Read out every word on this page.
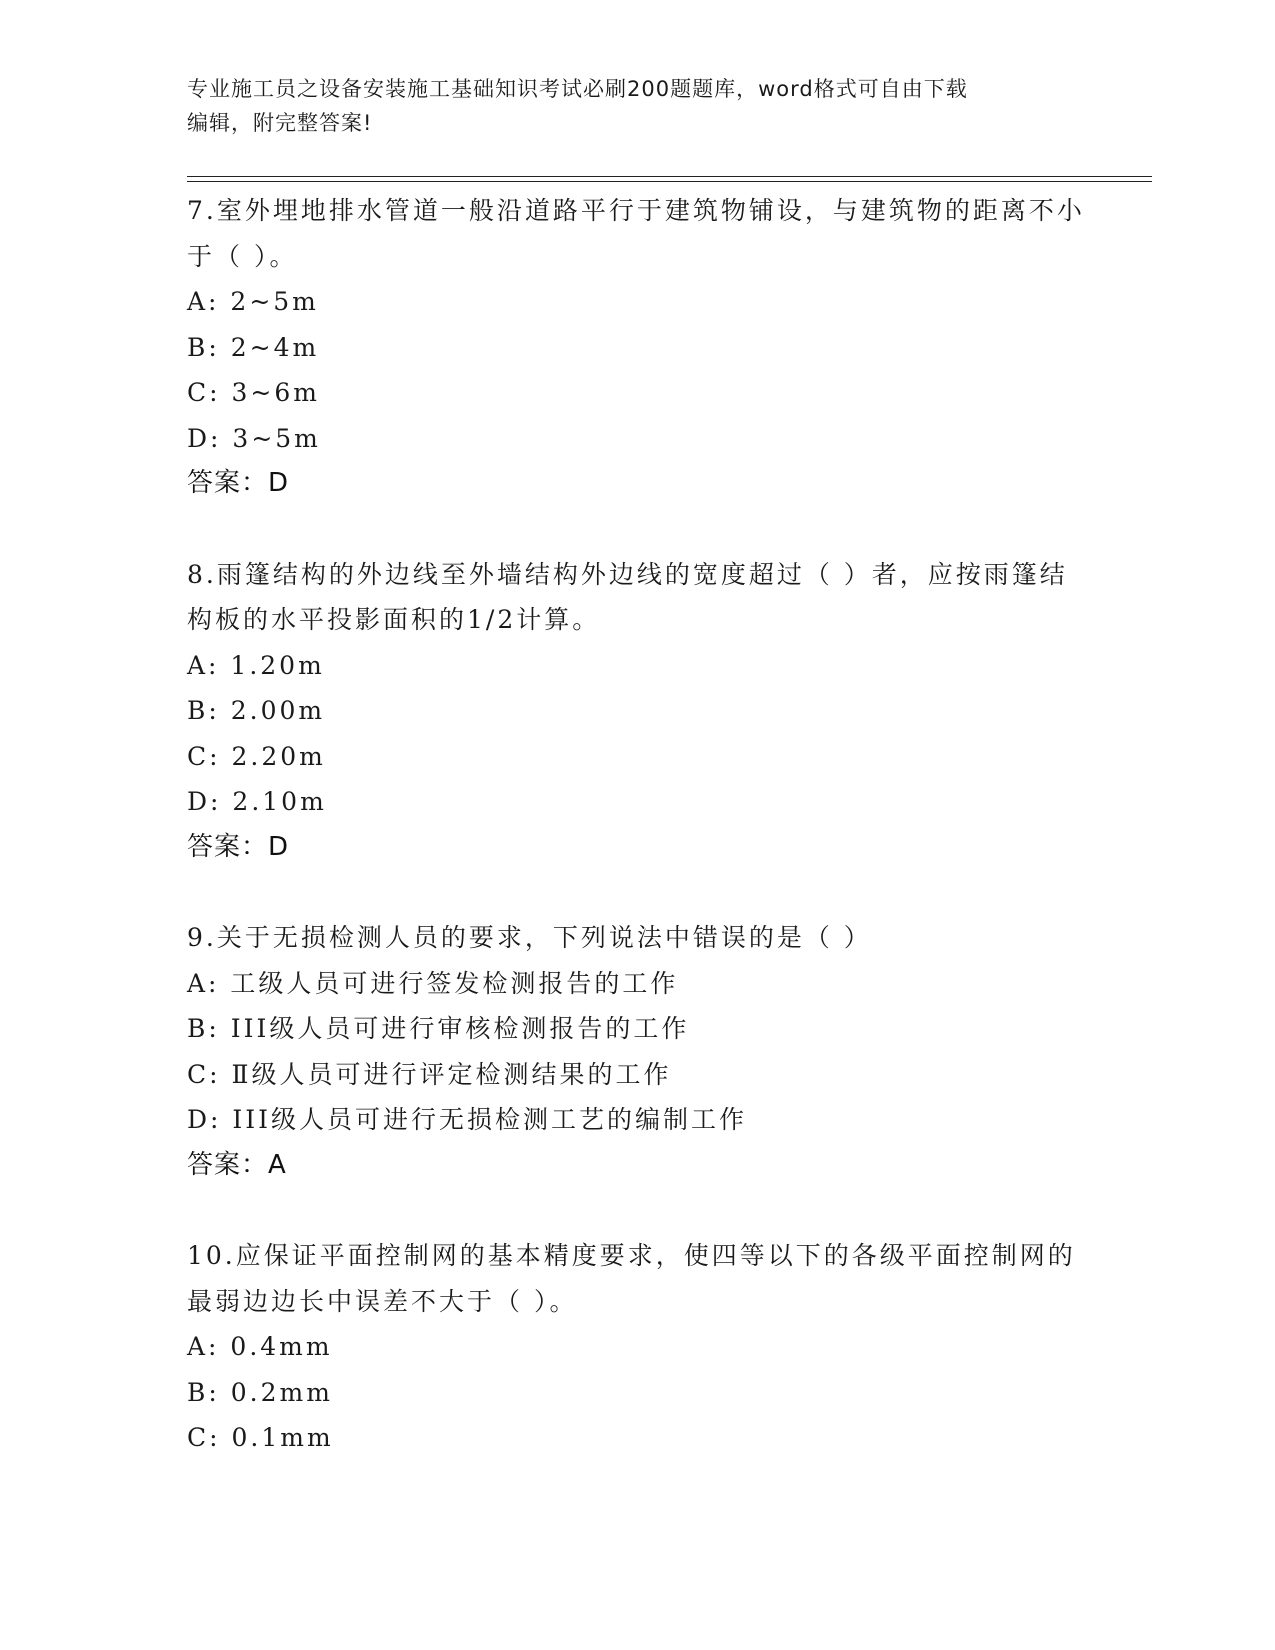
专业施工员之设备安装施工基础知识考试必刷200题题库，word格式可自由下载
编辑，附完整答案!
7.室外埋地排水管道一般沿道路平行于建筑物铺设，与建筑物的距离不小于（ ）。
A: 2~5m
B: 2~4m
C: 3~6m
D: 3~5m
答案：D
8.雨篷结构的外边线至外墙结构外边线的宽度超过（ ）者，应按雨篷结构板的水平投影面积的1/2计算。
A: 1.20m
B: 2.00m
C: 2.20m
D: 2.10m
答案：D
9.关于无损检测人员的要求，下列说法中错误的是（ ）
A: 工级人员可进行签发检测报告的工作
B: III级人员可进行审核检测报告的工作
C: Ⅱ级人员可进行评定检测结果的工作
D: III级人员可进行无损检测工艺的编制工作
答案：A
10.应保证平面控制网的基本精度要求，使四等以下的各级平面控制网的最弱边边长中误差不大于（ ）。
A: 0.4mm
B: 0.2mm
C: 0.1mm
